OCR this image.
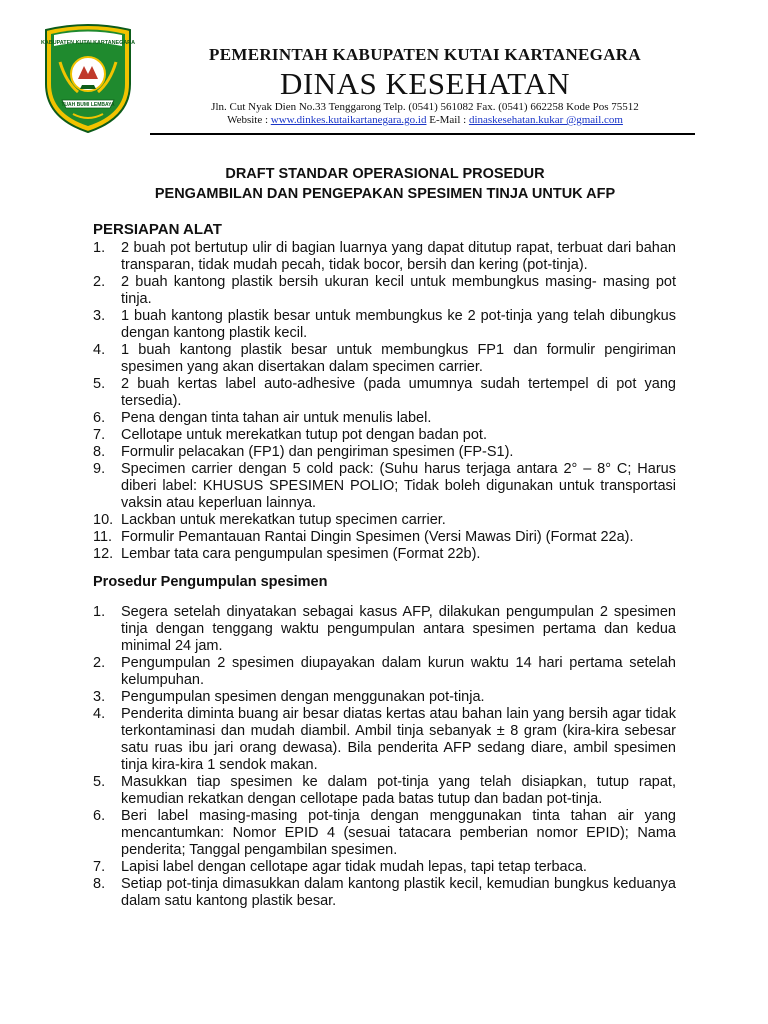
KABUPATEN KUTAI KARTANEGARA
TUAH BUMI LEMBAYA
PEMERINTAH KABUPATEN KUTAI KARTANEGARA
DINAS KESEHATAN
Jln. Cut Nyak Dien No.33 Tenggarong Telp. (0541) 561082 Fax. (0541) 662258 Kode Pos 75512
Website : www.dinkes.kutaikartanegara.go.id E-Mail : dinaskesehatan.kukar @gmail.com
DRAFT STANDAR OPERASIONAL PROSEDUR
PENGAMBILAN DAN PENGEPAKAN SPESIMEN TINJA UNTUK AFP
PERSIAPAN ALAT
1. 2 buah pot bertutup ulir di bagian luarnya yang dapat ditutup rapat, terbuat dari bahan transparan, tidak mudah pecah, tidak bocor, bersih dan kering (pot-tinja).
2. 2 buah kantong plastik bersih ukuran kecil untuk membungkus masing- masing pot tinja.
3. 1 buah kantong plastik besar untuk membungkus ke 2 pot-tinja yang telah dibungkus dengan kantong plastik kecil.
4. 1 buah kantong plastik besar untuk membungkus FP1 dan formulir pengiriman spesimen yang akan disertakan dalam specimen carrier.
5. 2 buah kertas label auto-adhesive (pada umumnya sudah tertempel di pot yang tersedia).
6. Pena dengan tinta tahan air untuk menulis label.
7. Cellotape untuk merekatkan tutup pot dengan badan pot.
8. Formulir pelacakan (FP1) dan pengiriman spesimen (FP-S1).
9. Specimen carrier dengan 5 cold pack: (Suhu harus terjaga antara 2° – 8° C; Harus diberi label: KHUSUS SPESIMEN POLIO; Tidak boleh digunakan untuk transportasi vaksin atau keperluan lainnya.
10. Lackban untuk merekatkan tutup specimen carrier.
11. Formulir Pemantauan Rantai Dingin Spesimen (Versi Mawas Diri) (Format 22a).
12. Lembar tata cara pengumpulan spesimen (Format 22b).
Prosedur Pengumpulan spesimen
1. Segera setelah dinyatakan sebagai kasus AFP, dilakukan pengumpulan 2 spesimen tinja dengan tenggang waktu pengumpulan antara spesimen pertama dan kedua minimal 24 jam.
2. Pengumpulan 2 spesimen diupayakan dalam kurun waktu 14 hari pertama setelah kelumpuhan.
3. Pengumpulan spesimen dengan menggunakan pot-tinja.
4. Penderita diminta buang air besar diatas kertas atau bahan lain yang bersih agar tidak terkontaminasi dan mudah diambil. Ambil tinja sebanyak ± 8 gram (kira-kira sebesar satu ruas ibu jari orang dewasa). Bila penderita AFP sedang diare, ambil spesimen tinja kira-kira 1 sendok makan.
5. Masukkan tiap spesimen ke dalam pot-tinja yang telah disiapkan, tutup rapat, kemudian rekatkan dengan cellotape pada batas tutup dan badan pot-tinja.
6. Beri label masing-masing pot-tinja dengan menggunakan tinta tahan air yang mencantumkan: Nomor EPID 4 (sesuai tatacara pemberian nomor EPID); Nama penderita; Tanggal pengambilan spesimen.
7. Lapisi label dengan cellotape agar tidak mudah lepas, tapi tetap terbaca.
8. Setiap pot-tinja dimasukkan dalam kantong plastik kecil, kemudian bungkus keduanya dalam satu kantong plastik besar.
